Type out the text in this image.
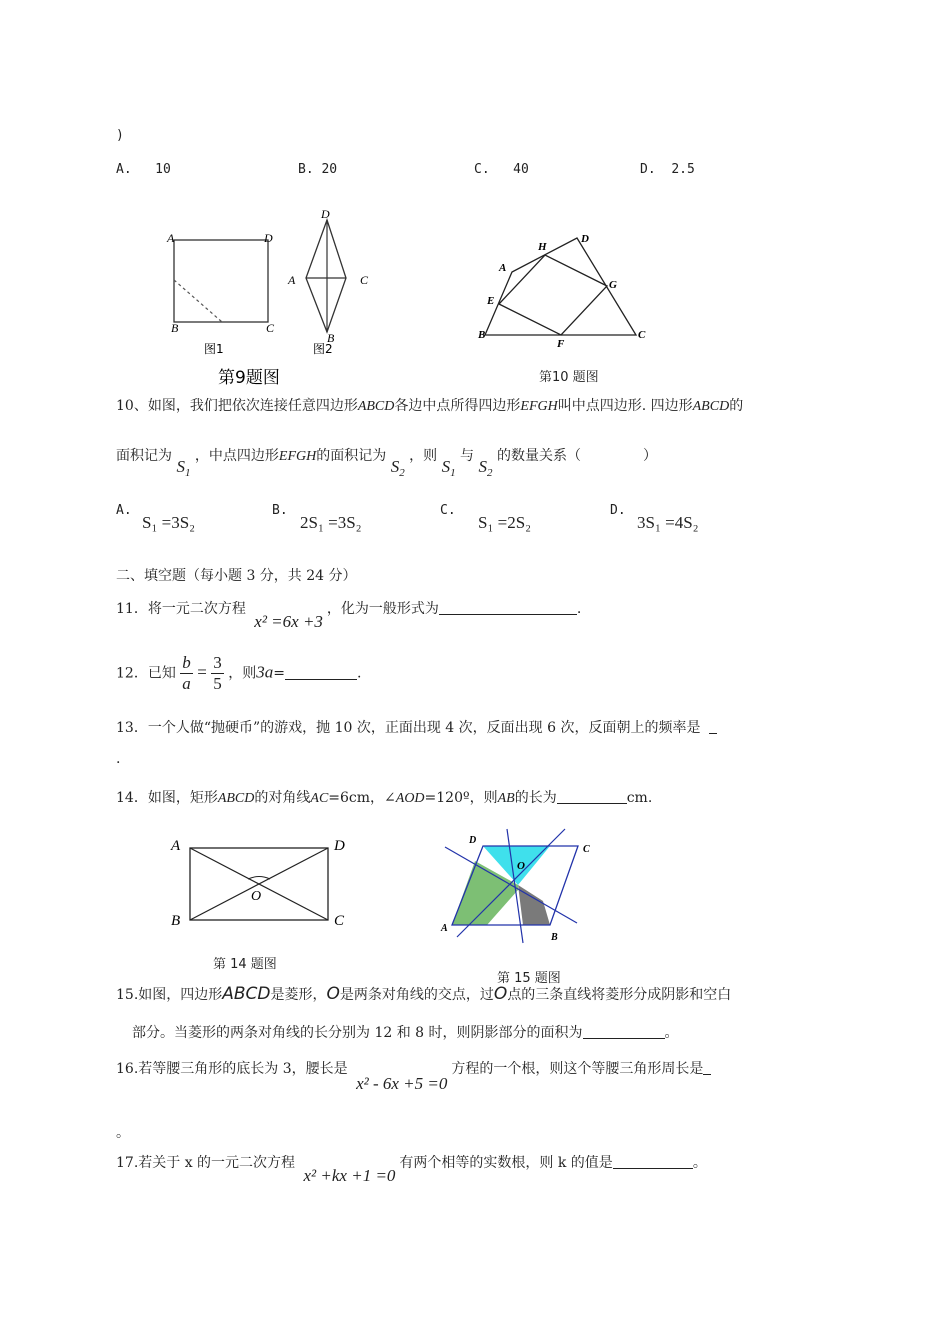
)
A. 10	B. 20	C. 40	D. 2.5
A	D
B	C
D
A	C
B
图1	图2
第9题图
A
H
D
E
G
B
F
C
第10 题图
10、如图，我们把依次连接任意四边形ABCD各边中点所得四边形EFGH叫中点四边形. 四边形ABCD的
面积记为 $S_1$ ，中点四边形EFGH的面积记为 $S_2$ ，则 $S_1$ 与 $S_2$ 的数量关系（	）
A.
S₁ =3S₂
B.
2S₁ =3S₂
C.
S₁ =2S₂
D.
3S₁ =4S₂
二、填空题（每小题 3 分，共 24 分）
11．将一元二次方程 x² =6x +3，化为一般形式为	.
12．已知 $\frac{b}{a} = \frac{3}{5}$ ，则3a=	.
13．一个人做“抛硬币”的游戏，抛 10 次，正面出现 4 次，反面出现 6 次，反面朝上的频率是
.
14．如图，矩形ABCD的对角线AC=6cm，∠AOD=120º，则AB的长为	cm.
A	D
B	C
O
第 14 题图
D
C
O
A
B
第 15 题图
15.如图，四边形ABCD是菱形，O是两条对角线的交点，过O点的三条直线将菱形分成阴影和空白
部分。当菱形的两条对角线的长分别为 12 和 8 时，则阴影部分的面积为	。
16.若等腰三角形的底长为 3，腰长是 x² - 6x +5 =0方程的一个根，则这个等腰三角形周长是
。
17.若关于 x 的一元二次方程 x² +kx +1 =0有两个相等的实数根，则 k 的值是	。
